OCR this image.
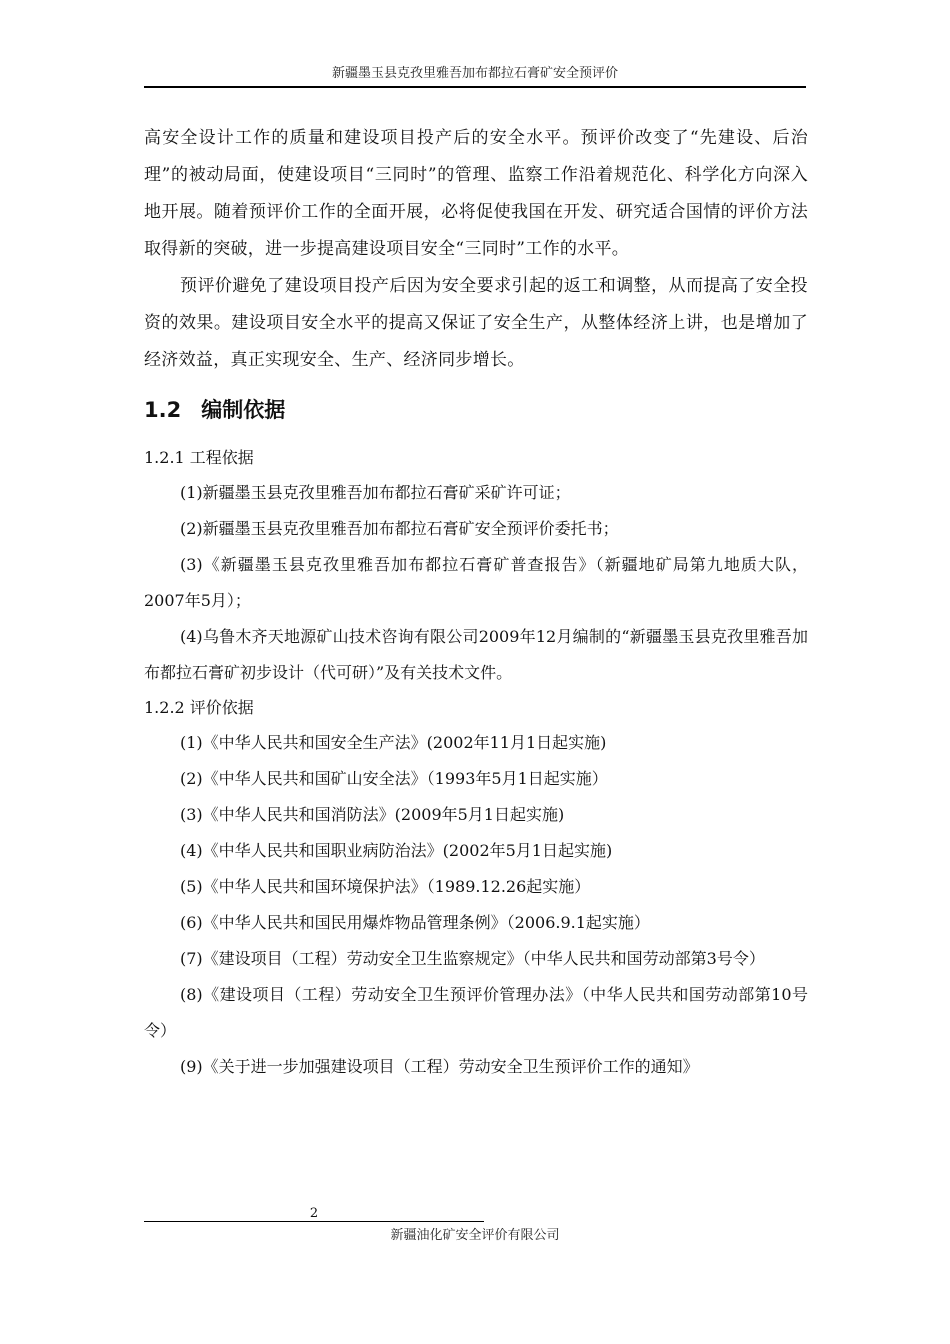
新疆墨玉县克孜里雅吾加布都拉石膏矿安全预评价

高安全设计工作的质量和建设项目投产后的安全水平。预评价改变了“先建设、后治理”的被动局面，使建设项目“三同时”的管理、监察工作沿着规范化、科学化方向深入地开展。随着预评价工作的全面开展，必将促使我国在开发、研究适合国情的评价方法取得新的突破，进一步提高建设项目安全“三同时”工作的水平。

预评价避免了建设项目投产后因为安全要求引起的返工和调整，从而提高了安全投资的效果。建设项目安全水平的提高又保证了安全生产，从整体经济上讲，也是增加了经济效益，真正实现安全、生产、经济同步增长。

1.2 编制依据

1.2.1 工程依据

(1)新疆墨玉县克孜里雅吾加布都拉石膏矿采矿许可证；

(2)新疆墨玉县克孜里雅吾加布都拉石膏矿安全预评价委托书；

(3)《新疆墨玉县克孜里雅吾加布都拉石膏矿普查报告》（新疆地矿局第九地质大队，2007年5月）；

(4)乌鲁木齐天地源矿山技术咨询有限公司2009年12月编制的“新疆墨玉县克孜里雅吾加布都拉石膏矿初步设计（代可研）”及有关技术文件。

1.2.2 评价依据

(1)《中华人民共和国安全生产法》(2002年11月1日起实施)

(2)《中华人民共和国矿山安全法》（1993年5月1日起实施）

(3)《中华人民共和国消防法》(2009年5月1日起实施)

(4)《中华人民共和国职业病防治法》(2002年5月1日起实施)

(5)《中华人民共和国环境保护法》（1989.12.26起实施）

(6)《中华人民共和国民用爆炸物品管理条例》（2006.9.1起实施）

(7)《建设项目（工程）劳动安全卫生监察规定》（中华人民共和国劳动部第3号令）

(8)《建设项目（工程）劳动安全卫生预评价管理办法》（中华人民共和国劳动部第10号令）

(9)《关于进一步加强建设项目（工程）劳动安全卫生预评价工作的通知》

2
新疆油化矿安全评价有限公司
